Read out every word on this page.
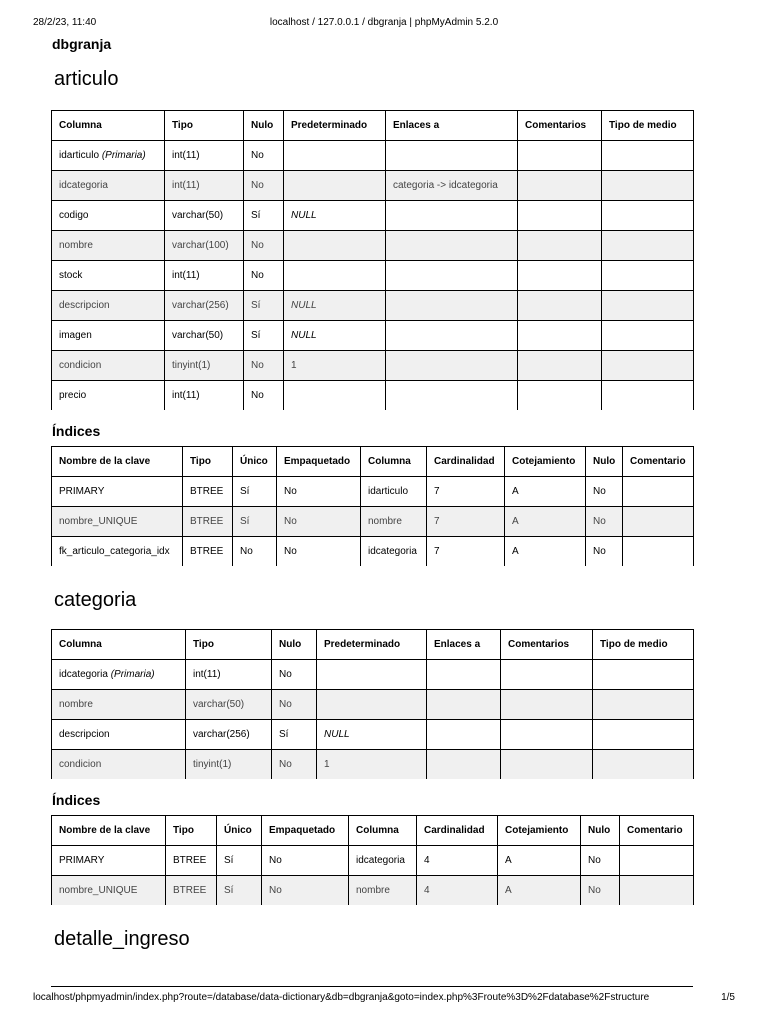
28/2/23, 11:40	localhost / 127.0.0.1 / dbgranja | phpMyAdmin 5.2.0
dbgranja
articulo
Columna	Tipo	Nulo	Predeterminado	Enlaces a	Comentarios	Tipo de medio
idarticulo (Primaria)	int(11)	No				
idcategoria	int(11)	No		categoria -> idcategoria		
codigo	varchar(50)	Sí	NULL			
nombre	varchar(100)	No				
stock	int(11)	No				
descripcion	varchar(256)	Sí	NULL			
imagen	varchar(50)	Sí	NULL			
condicion	tinyint(1)	No	1			
precio	int(11)	No				
Índices
Nombre de la clave	Tipo	Único	Empaquetado	Columna	Cardinalidad	Cotejamiento	Nulo	Comentario
PRIMARY	BTREE	Sí	No	idarticulo	7	A	No	
nombre_UNIQUE	BTREE	Sí	No	nombre	7	A	No	
fk_articulo_categoria_idx	BTREE	No	No	idcategoria	7	A	No	
categoria
Columna	Tipo	Nulo	Predeterminado	Enlaces a	Comentarios	Tipo de medio
idcategoria (Primaria)	int(11)	No				
nombre	varchar(50)	No				
descripcion	varchar(256)	Sí	NULL			
condicion	tinyint(1)	No	1			
Índices
Nombre de la clave	Tipo	Único	Empaquetado	Columna	Cardinalidad	Cotejamiento	Nulo	Comentario
PRIMARY	BTREE	Sí	No	idcategoria	4	A	No	
nombre_UNIQUE	BTREE	Sí	No	nombre	4	A	No	
detalle_ingreso
localhost/phpmyadmin/index.php?route=/database/data-dictionary&db=dbgranja&goto=index.php%3Froute%3D%2Fdatabase%2Fstructure	1/5
